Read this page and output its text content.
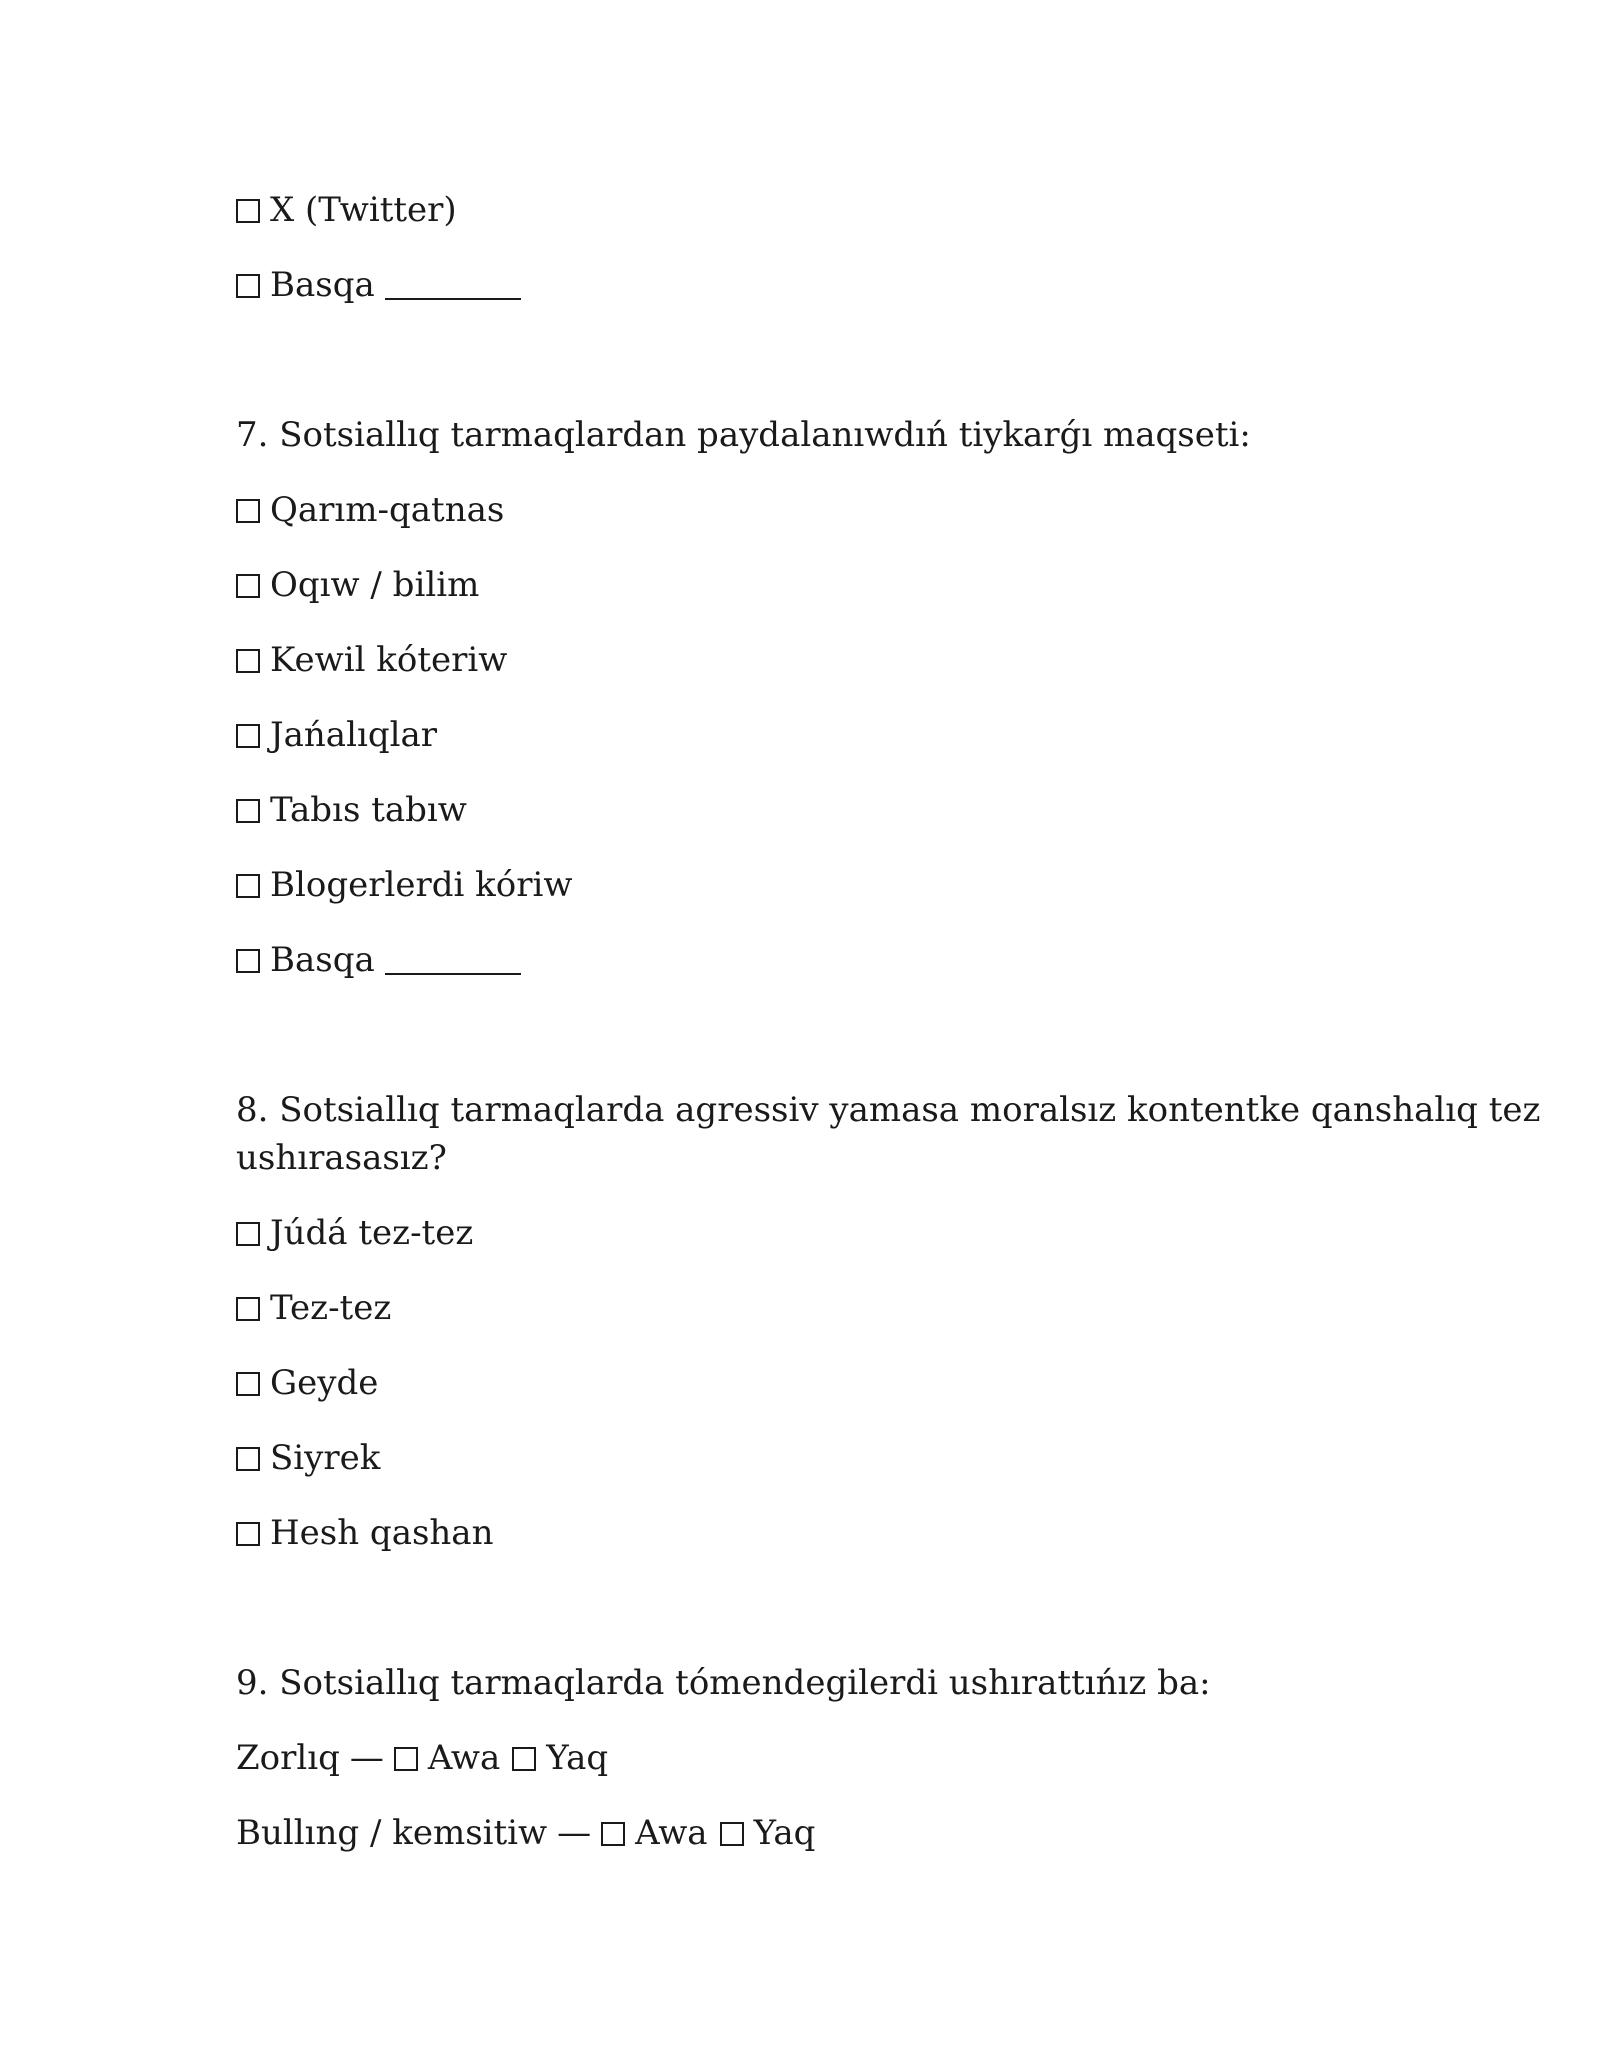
X (Twitter)
Basqa
7. Sotsiallıq tarmaqlardan paydalanıwdıń tiykarǵı maqseti:
Qarım-qatnas
Oqıw / bilim
Kewil kóteriw
Jańalıqlar
Tabıs tabıw
Blogerlerdi kóriw
Basqa
8. Sotsiallıq tarmaqlarda agressiv yamasa moralsız kontentke qanshalıq tez
ushırasasız?
Júdá tez-tez
Tez-tez
Geyde
Siyrek
Hesh qashan
9. Sotsiallıq tarmaqlarda tómendegilerdi ushırattıńız ba:
Zorlıq — Awa Yaq
Bullıng / kemsitiw — Awa Yaq
